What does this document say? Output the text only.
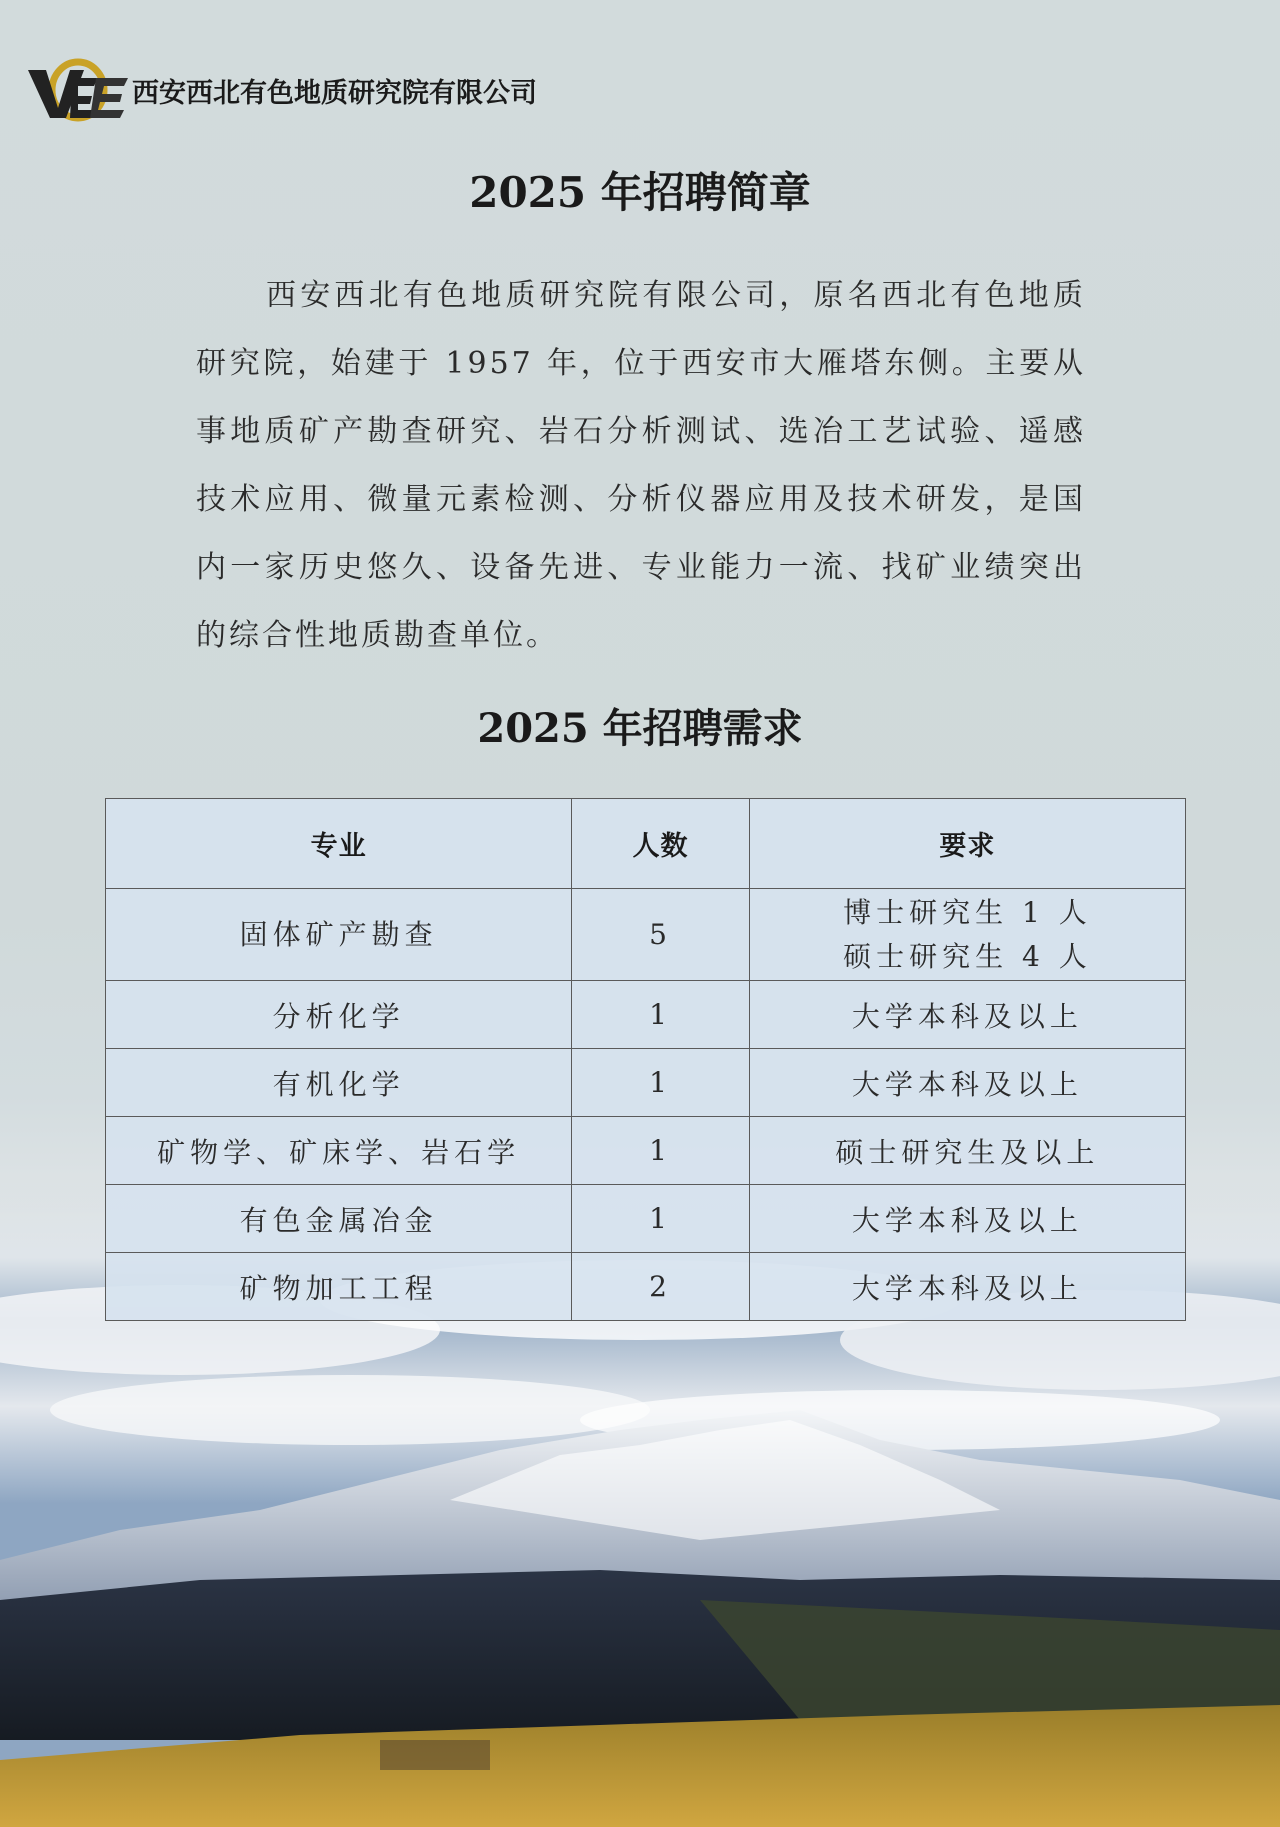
西安西北有色地质研究院有限公司
2025 年招聘简章

西安西北有色地质研究院有限公司，原名西北有色地质研究院，始建于 1957 年，位于西安市大雁塔东侧。主要从事地质矿产勘查研究、岩石分析测试、选冶工艺试验、遥感技术应用、微量元素检测、分析仪器应用及技术研发，是国内一家历史悠久、设备先进、专业能力一流、找矿业绩突出的综合性地质勘查单位。

2025 年招聘需求
专业	人数	要求
固体矿产勘查	5	博士研究生 1 人
硕士研究生 4 人

分析化学	1	大学本科及以上
有机化学	1	大学本科及以上
矿物学、矿床学、岩石学	1	硕士研究生及以上
有色金属冶金	1	大学本科及以上
矿物加工工程	2	大学本科及以上
